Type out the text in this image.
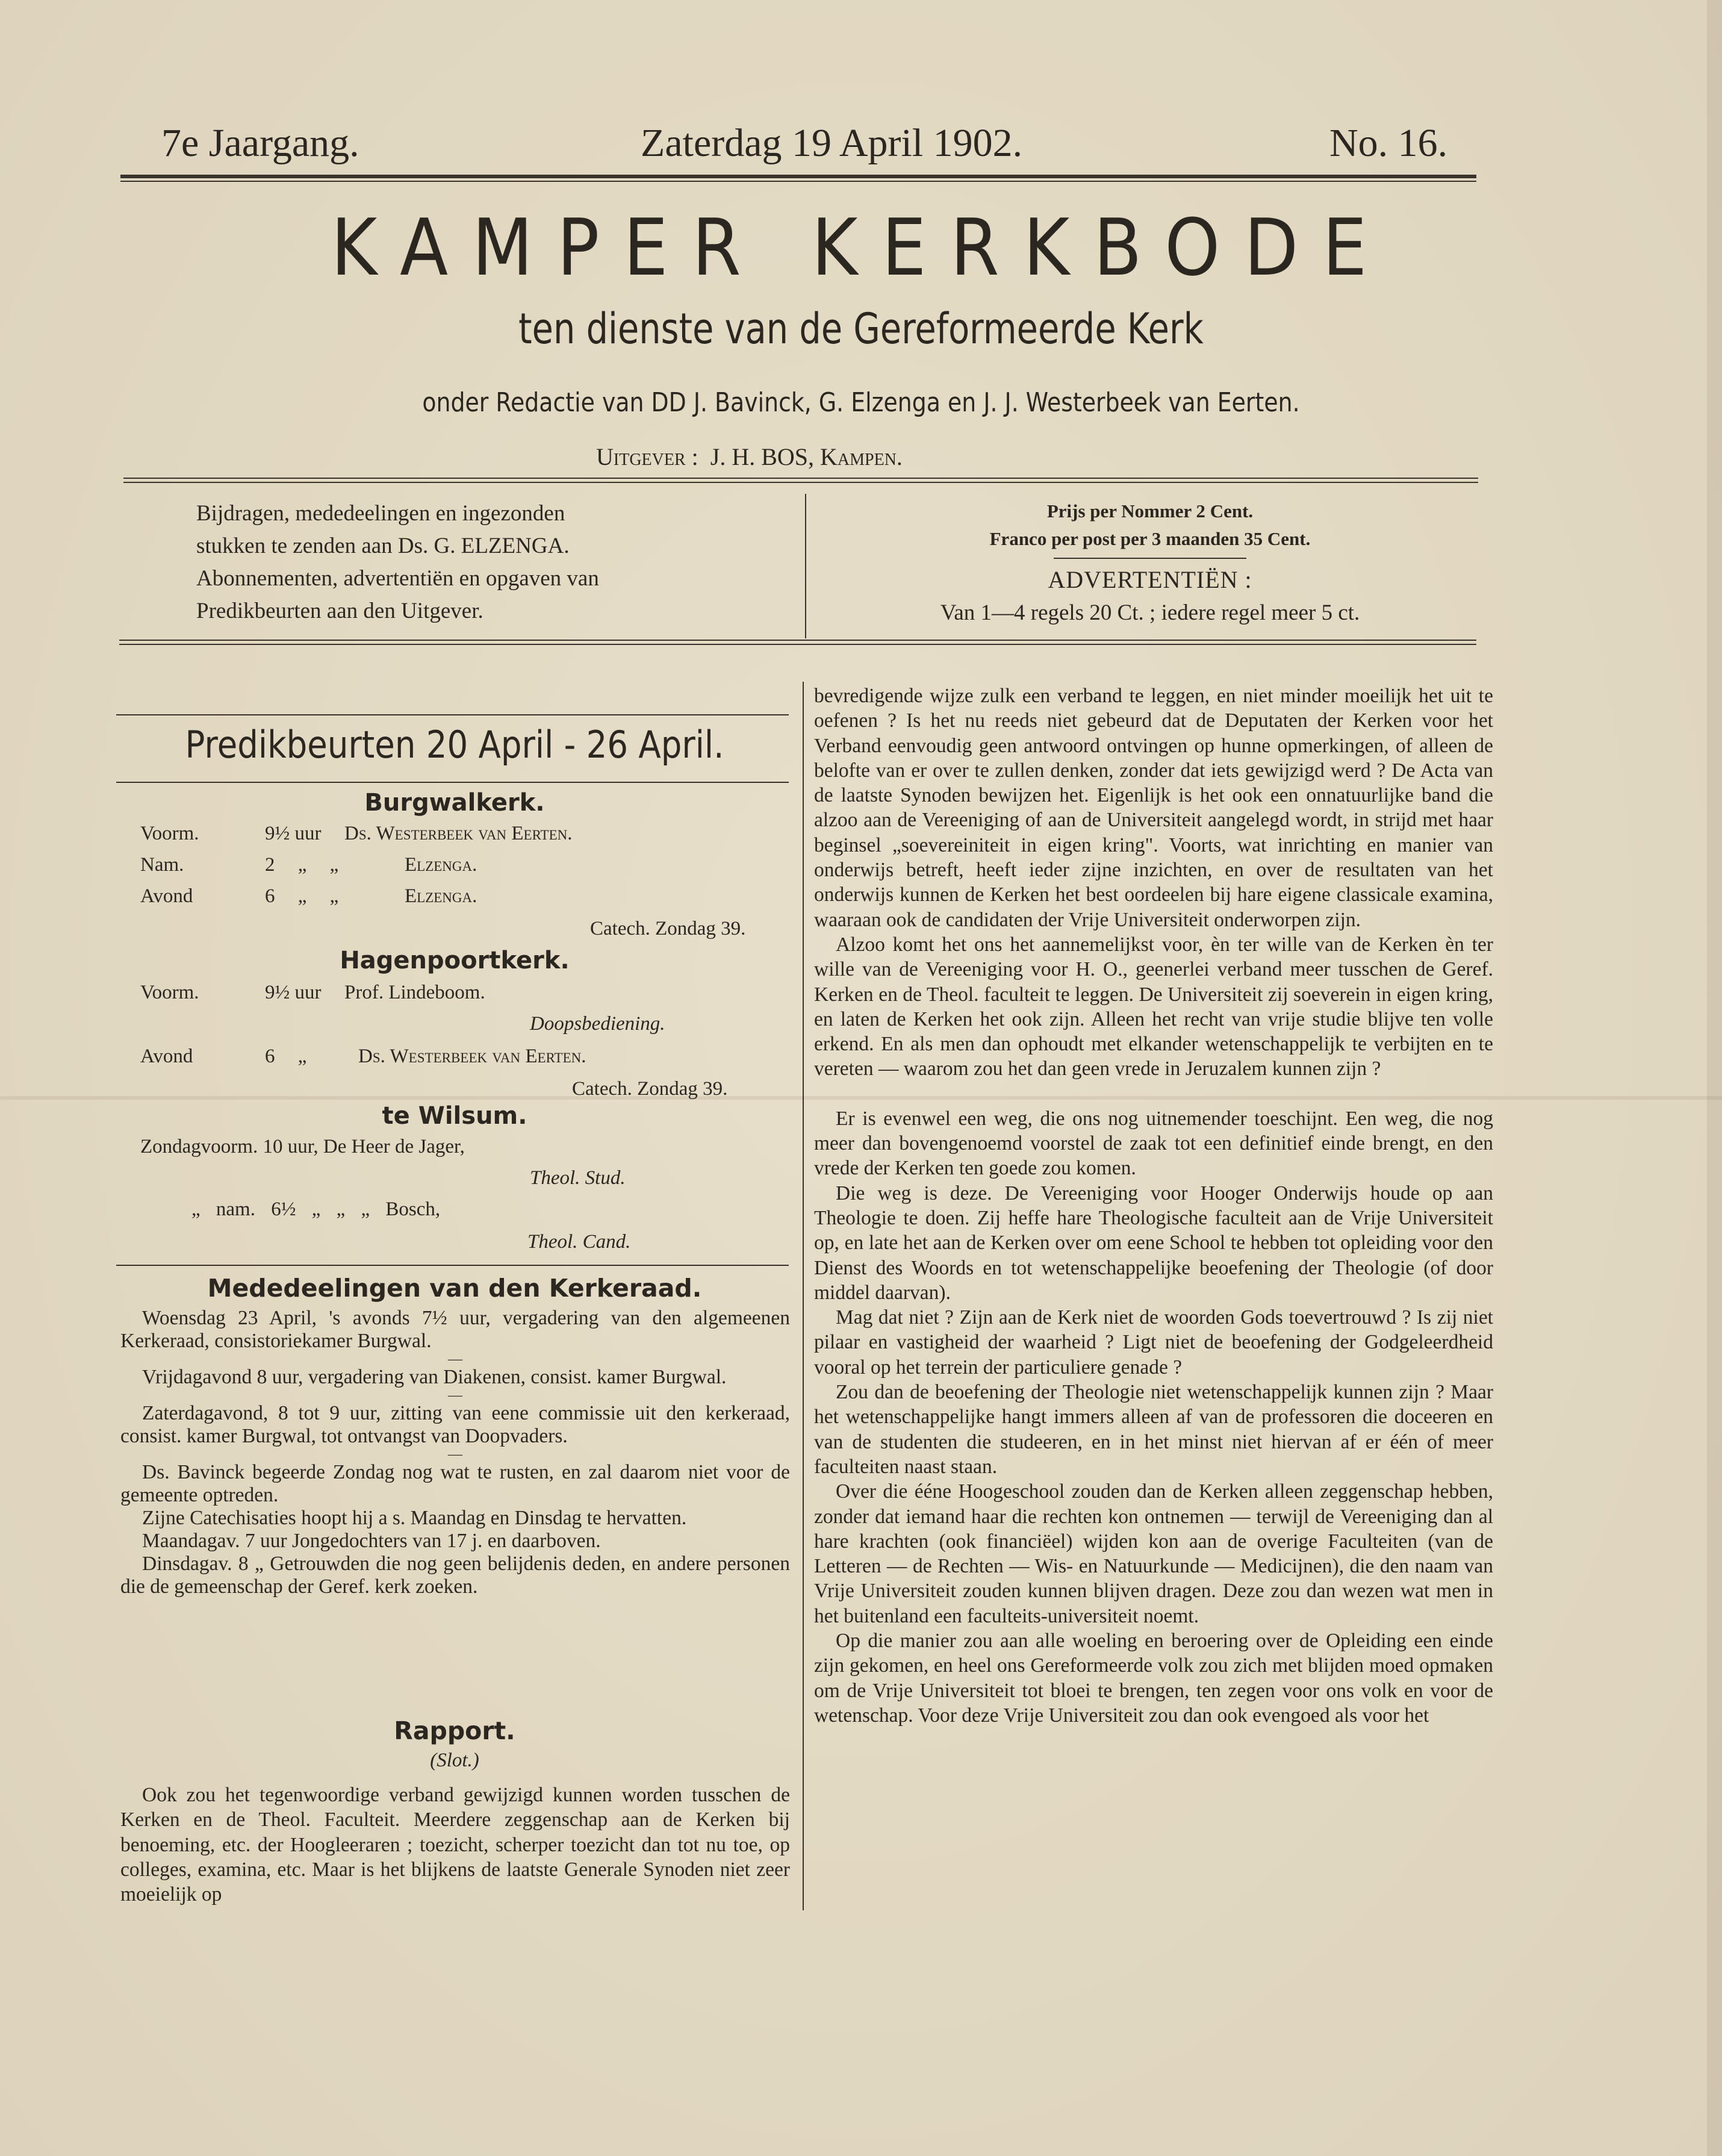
7e Jaargang.	Zaterdag 19 April 1902.	No. 16.
KAMPER KERKBODE
ten dienste van de Gereformeerde Kerk
onder Redactie van DD J. Bavinck, G. Elzenga en J. J. Westerbeek van Eerten.
Uitgever : J. H. BOS, Kampen.
Bijdragen, mededeelingen en ingezonden
stukken te zenden aan Ds. G. ELZENGA.
Abonnementen, advertentiën en opgaven van
Predikbeurten aan den Uitgever.
Prijs per Nommer 2 Cent.
Franco per post per 3 maanden 35 Cent.
ADVERTENTIËN :
Van 1—4 regels 20 Ct. ; iedere regel meer 5 ct.
Predikbeurten 20 April - 26 April.
Burgwalkerk.
Voorm.	9½ uur Ds. Westerbeek van Eerten.
Nam.	2 „ „	Elzenga.
Avond	6 „ „	Elzenga.
Catech. Zondag 39.
Hagenpoortkerk.
Voorm.	9½ uur Prof. Lindeboom.
Doopsbediening.
Avond	6 „	Ds. Westerbeek van Eerten.
Catech. Zondag 39.
te Wilsum.
Zondagvoorm. 10 uur, De Heer de Jager,
Theol. Stud.
„ nam. 6½ „ „ „ Bosch,
Theol. Cand.
Mededeelingen van den Kerkeraad.

Woensdag 23 April, 's avonds 7½ uur, vergadering van den algemeenen Kerkeraad, consistoriekamer Burgwal.

—

Vrijdagavond 8 uur, vergadering van Diakenen, consist. kamer Burgwal.

—

Zaterdagavond, 8 tot 9 uur, zitting van eene commissie uit den kerkeraad, consist. kamer Burgwal, tot ontvangst van Doopvaders.

—

Ds. Bavinck begeerde Zondag nog wat te rusten, en zal daarom niet voor de gemeente optreden.

Zijne Catechisaties hoopt hij a s. Maandag en Dinsdag te hervatten.

Maandagav. 7 uur Jongedochters van 17 j. en daarboven.

Dinsdagav. 8 „ Getrouwden die nog geen belijdenis deden, en andere personen die de gemeenschap der Geref. kerk zoeken.

Rapport.
(Slot.)

Ook zou het tegenwoordige verband gewijzigd kunnen worden tusschen de Kerken en de Theol. Faculteit. Meerdere zeggenschap aan de Kerken bij benoeming, etc. der Hoogleeraren ; toezicht, scherper toezicht dan tot nu toe, op colleges, examina, etc. Maar is het blijkens de laatste Generale Synoden niet zeer moeielijk op

bevredigende wijze zulk een verband te leggen, en niet minder moeilijk het uit te oefenen ? Is het nu reeds niet gebeurd dat de Deputaten der Kerken voor het Verband eenvoudig geen antwoord ontvingen op hunne opmerkingen, of alleen de belofte van er over te zullen denken, zonder dat iets gewijzigd werd ? De Acta van de laatste Synoden bewijzen het. Eigenlijk is het ook een onnatuurlijke band die alzoo aan de Vereeniging of aan de Universiteit aangelegd wordt, in strijd met haar beginsel „soevereiniteit in eigen kring". Voorts, wat inrichting en manier van onderwijs betreft, heeft ieder zijne inzichten, en over de resultaten van het onderwijs kunnen de Kerken het best oordeelen bij hare eigene classicale examina, waaraan ook de candidaten der Vrije Universiteit onderworpen zijn.

Alzoo komt het ons het aannemelijkst voor, èn ter wille van de Kerken èn ter wille van de Vereeniging voor H. O., geenerlei verband meer tusschen de Geref. Kerken en de Theol. faculteit te leggen. De Universiteit zij soeverein in eigen kring, en laten de Kerken het ook zijn. Alleen het recht van vrije studie blijve ten volle erkend. En als men dan ophoudt met elkander wetenschappelijk te verbijten en te vereten — waarom zou het dan geen vrede in Jeruzalem kunnen zijn ?

Er is evenwel een weg, die ons nog uitnemender toeschijnt. Een weg, die nog meer dan bovengenoemd voorstel de zaak tot een definitief einde brengt, en den vrede der Kerken ten goede zou komen.

Die weg is deze. De Vereeniging voor Hooger Onderwijs houde op aan Theologie te doen. Zij heffe hare Theologische faculteit aan de Vrije Universiteit op, en late het aan de Kerken over om eene School te hebben tot opleiding voor den Dienst des Woords en tot wetenschappelijke beoefening der Theologie (of door middel daarvan).

Mag dat niet ? Zijn aan de Kerk niet de woorden Gods toevertrouwd ? Is zij niet pilaar en vastigheid der waarheid ? Ligt niet de beoefening der Godgeleerdheid vooral op het terrein der particuliere genade ?

Zou dan de beoefening der Theologie niet wetenschappelijk kunnen zijn ? Maar het wetenschappelijke hangt immers alleen af van de professoren die doceeren en van de studenten die studeeren, en in het minst niet hiervan af er één of meer faculteiten naast staan.

Over die ééne Hoogeschool zouden dan de Kerken alleen zeggenschap hebben, zonder dat iemand haar die rechten kon ontnemen — terwijl de Vereeniging dan al hare krachten (ook financiëel) wijden kon aan de overige Faculteiten (van de Letteren — de Rechten — Wis- en Natuurkunde — Medicijnen), die den naam van Vrije Universiteit zouden kunnen blijven dragen. Deze zou dan wezen wat men in het buitenland een faculteits-universiteit noemt.

Op die manier zou aan alle woeling en beroering over de Opleiding een einde zijn gekomen, en heel ons Gereformeerde volk zou zich met blijden moed opmaken om de Vrije Universiteit tot bloei te brengen, ten zegen voor ons volk en voor de wetenschap. Voor deze Vrije Universiteit zou dan ook evengoed als voor het
